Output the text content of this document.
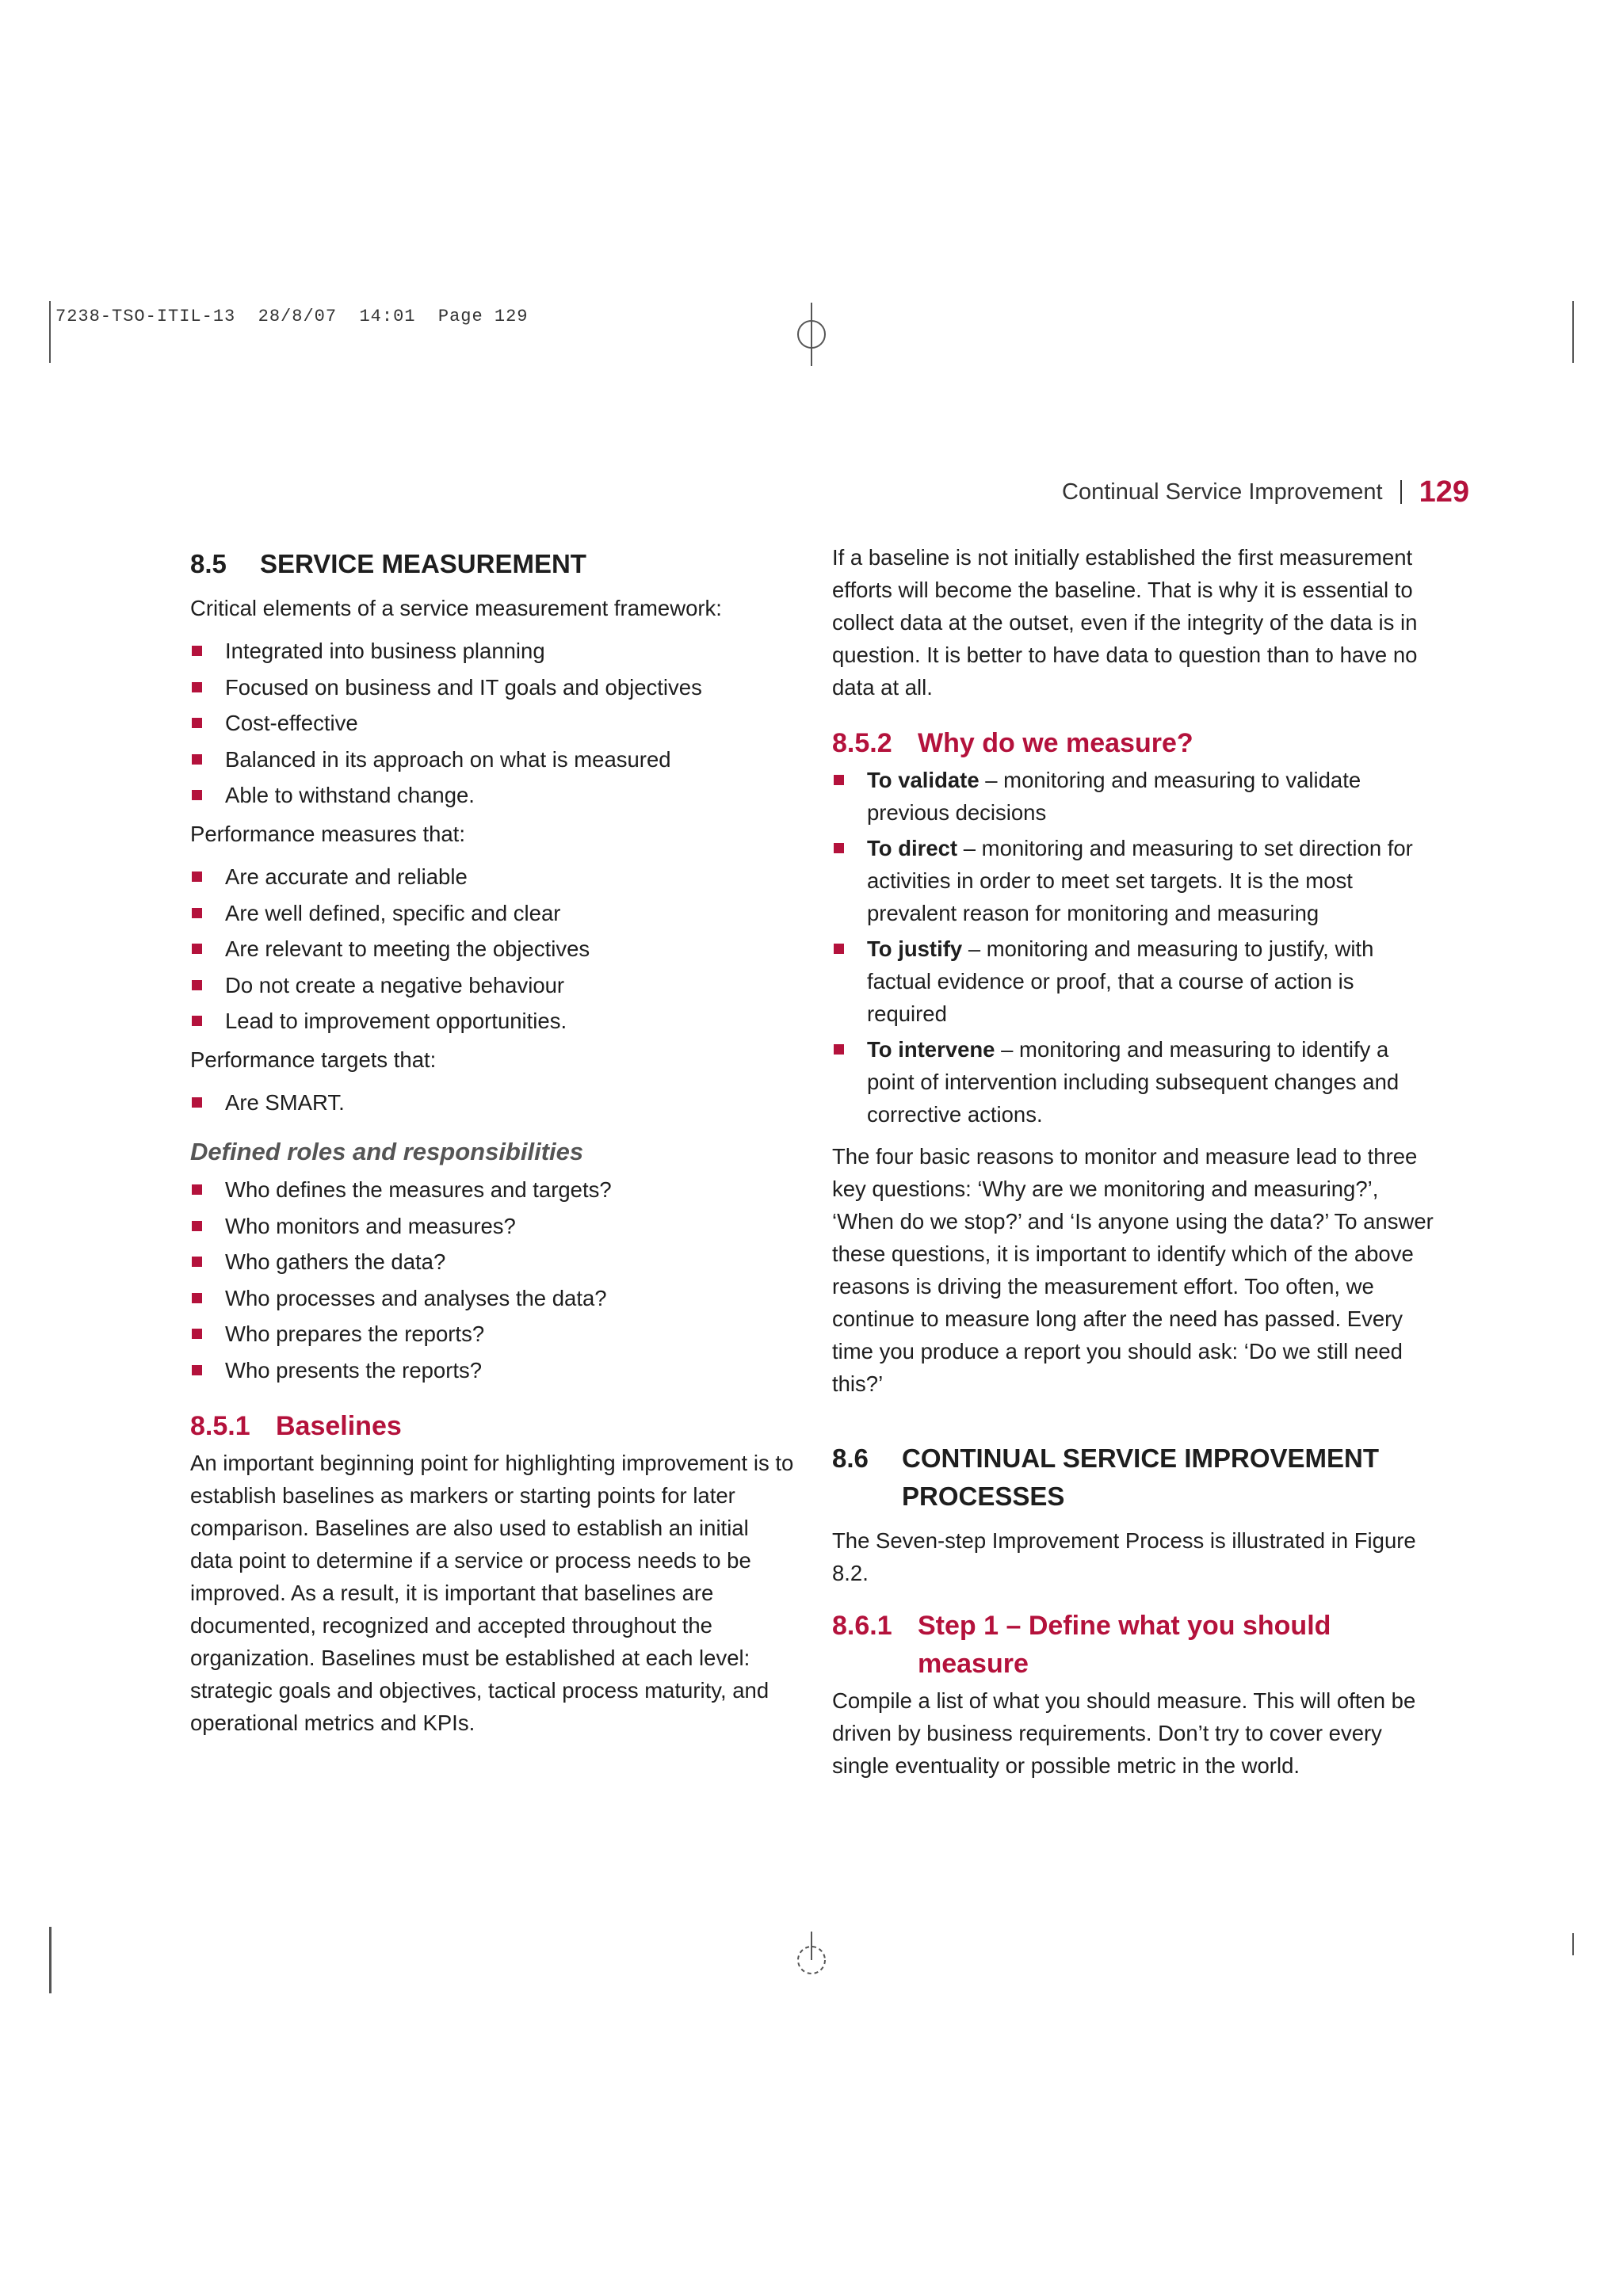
7238-TSO-ITIL-13  28/8/07  14:01  Page 129
Continual Service Improvement 129
8.5	SERVICE MEASUREMENT

Critical elements of a service measurement framework:

Integrated into business planning
Focused on business and IT goals and objectives
Cost-effective
Balanced in its approach on what is measured
Able to withstand change.

Performance measures that:

Are accurate and reliable
Are well defined, specific and clear
Are relevant to meeting the objectives
Do not create a negative behaviour
Lead to improvement opportunities.

Performance targets that:

Are SMART.
Defined roles and responsibilities
Who defines the measures and targets?
Who monitors and measures?
Who gathers the data?
Who processes and analyses the data?
Who prepares the reports?
Who presents the reports?
8.5.1 Baselines

An important beginning point for highlighting improvement is to establish baselines as markers or starting points for later comparison. Baselines are also used to establish an initial data point to determine if a service or process needs to be improved. As a result, it is important that baselines are documented, recognized and accepted throughout the organization. Baselines must be established at each level: strategic goals and objectives, tactical process maturity, and operational metrics and KPIs.

If a baseline is not initially established the first measurement efforts will become the baseline. That is why it is essential to collect data at the outset, even if the integrity of the data is in question. It is better to have data to question than to have no data at all.

8.5.2 Why do we measure?
To validate – monitoring and measuring to validate previous decisions
To direct – monitoring and measuring to set direction for activities in order to meet set targets. It is the most prevalent reason for monitoring and measuring
To justify – monitoring and measuring to justify, with factual evidence or proof, that a course of action is required
To intervene – monitoring and measuring to identify a point of intervention including subsequent changes and corrective actions.

The four basic reasons to monitor and measure lead to three key questions: ‘Why are we monitoring and measuring?’, ‘When do we stop?’ and ‘Is anyone using the data?’ To answer these questions, it is important to identify which of the above reasons is driving the measurement effort. Too often, we continue to measure long after the need has passed. Every time you produce a report you should ask: ‘Do we still need this?’

8.6	CONTINUAL SERVICE IMPROVEMENT PROCESSES

The Seven-step Improvement Process is illustrated in Figure 8.2.

8.6.1 Step 1 – Define what you should measure

Compile a list of what you should measure. This will often be driven by business requirements. Don’t try to cover every single eventuality or possible metric in the world.
